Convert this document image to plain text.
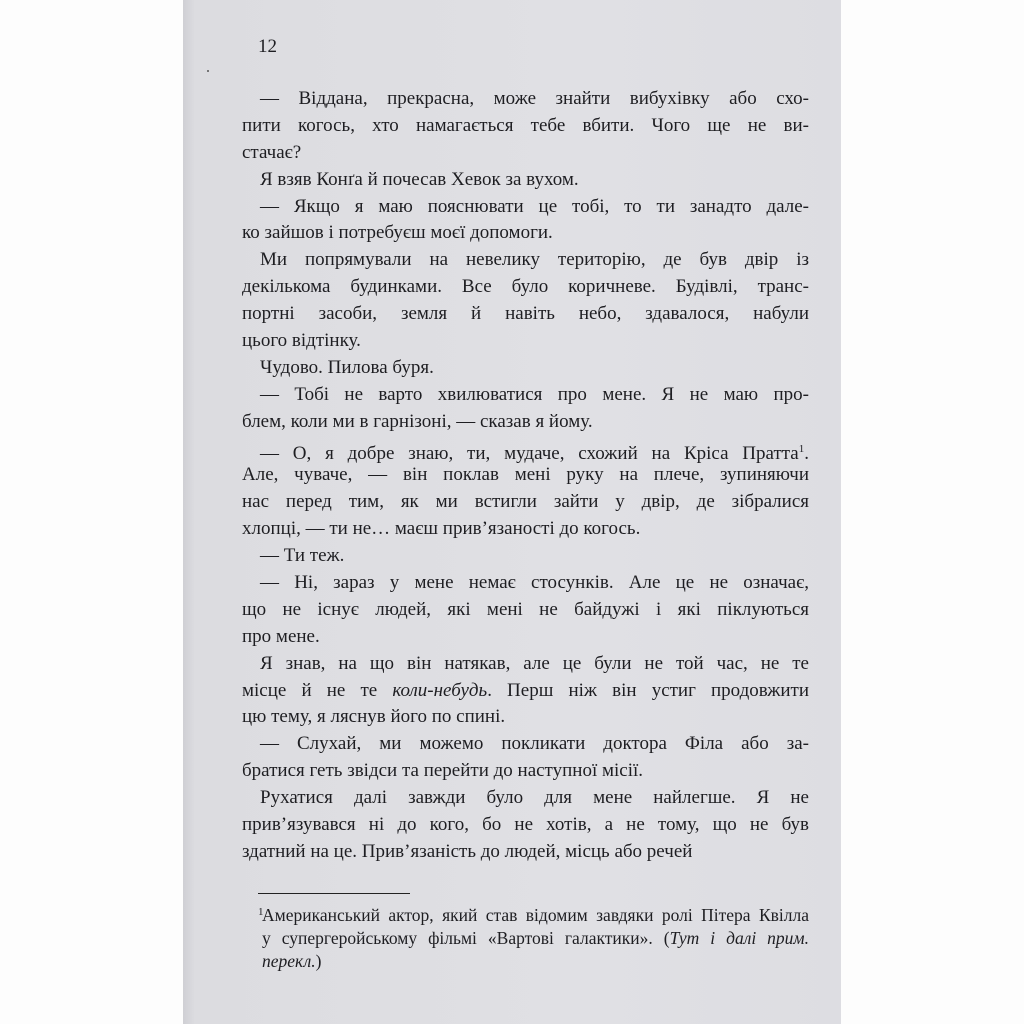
12
— Віддана, прекрасна, може знайти вибухівку або схо-
пити когось, хто намагається тебе вбити. Чого ще не ви-
стачає?
Я взяв Конґа й почесав Хевок за вухом.
— Якщо я маю пояснювати це тобі, то ти занадто дале-
ко зайшов і потребуєш моєї допомоги.
Ми попрямували на невелику територію, де був двір із
декількома будинками. Все було коричневе. Будівлі, транс-
портні засоби, земля й навіть небо, здавалося, набули
цього відтінку.
Чудово. Пилова буря.
— Тобі не варто хвилюватися про мене. Я не маю про-
блем, коли ми в гарнізоні, — сказав я йому.
— О, я добре знаю, ти, мудаче, схожий на Кріса Пратта$^1$.
Але, чуваче, — він поклав мені руку на плече, зупиняючи
нас перед тим, як ми встигли зайти у двір, де зібралися
хлопці, — ти не… маєш прив’язаності до когось.
— Ти теж.
— Ні, зараз у мене немає стосунків. Але це не означає,
що не існує людей, які мені не байдужі і які піклуються
про мене.
Я знав, на що він натякав, але це були не той час, не те
місце й не те коли-небудь. Перш ніж він устиг продовжити
цю тему, я ляснув його по спині.
— Слухай, ми можемо покликати доктора Філа або за-
братися геть звідси та перейти до наступної місії.
Рухатися далі завжди було для мене найлегше. Я не
прив’язувався ні до кого, бо не хотів, а не тому, що не був
здатний на це. Прив’язаність до людей, місць або речей
1
Американський актор, який став відомим завдяки ролі Пітера Квілла
у супергеройському фільмі «Вартові галактики». (Тут і далі прим.
перекл.)
